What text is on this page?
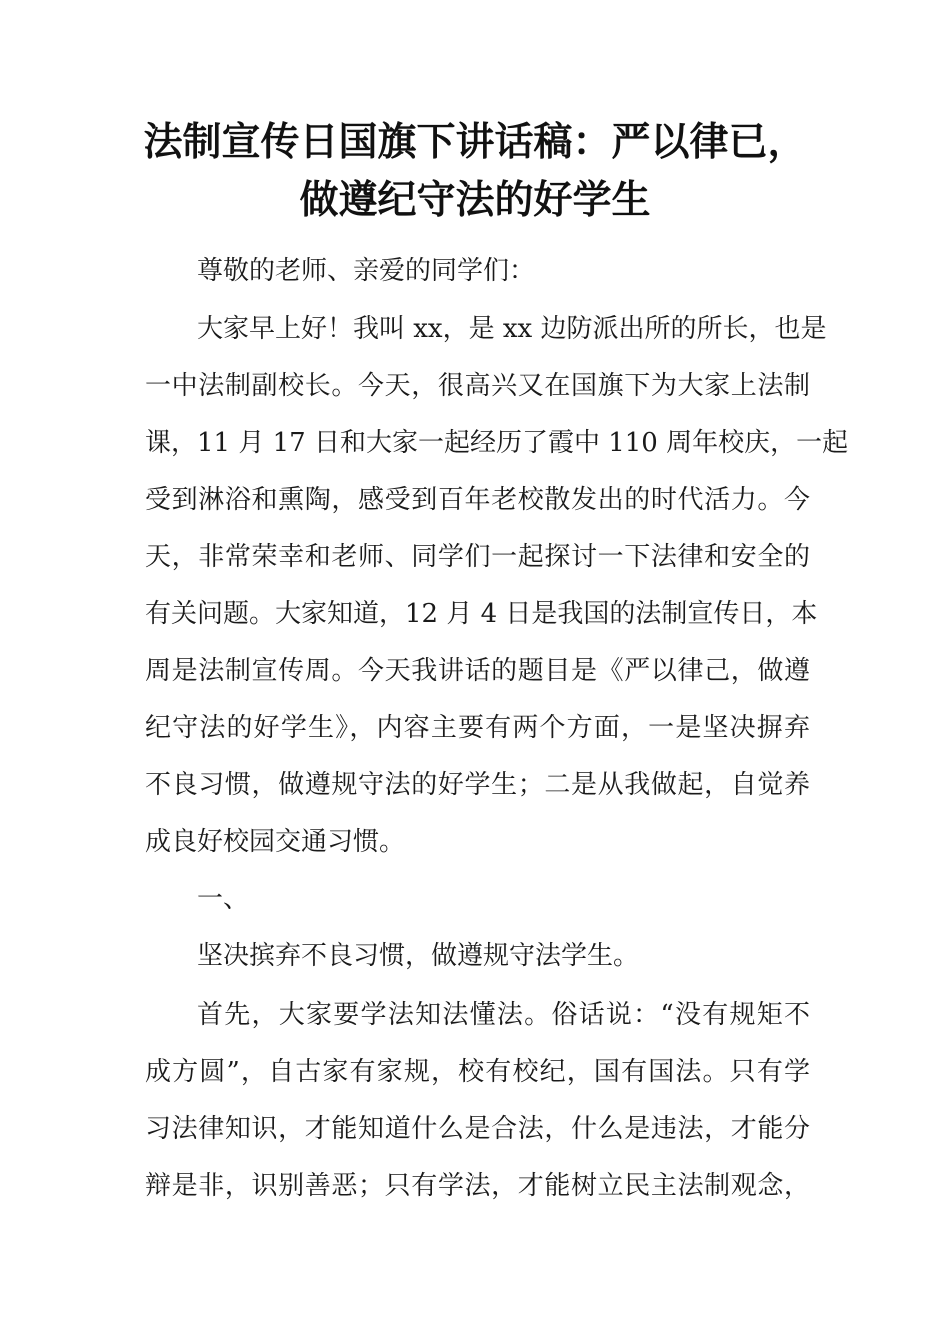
法制宣传日国旗下讲话稿：严以律已，
做遵纪守法的好学生
尊敬的老师、亲爱的同学们：
大家早上好！我叫 xx，是 xx 边防派出所的所长，也是
一中法制副校长。今天，很高兴又在国旗下为大家上法制
课，11 月 17 日和大家一起经历了霞中 110 周年校庆，一起
受到淋浴和熏陶，感受到百年老校散发出的时代活力。今
天，非常荣幸和老师、同学们一起探讨一下法律和安全的
有关问题。大家知道，12 月 4 日是我国的法制宣传日，本
周是法制宣传周。今天我讲话的题目是《严以律己，做遵
纪守法的好学生》，内容主要有两个方面，一是坚决摒弃
不良习惯，做遵规守法的好学生；二是从我做起，自觉养
成良好校园交通习惯。
一、
坚决摈弃不良习惯，做遵规守法学生。
首先，大家要学法知法懂法。俗话说：“没有规矩不
成方圆”，自古家有家规，校有校纪，国有国法。只有学
习法律知识，才能知道什么是合法，什么是违法，才能分
辩是非，识别善恶；只有学法，才能树立民主法制观念，
